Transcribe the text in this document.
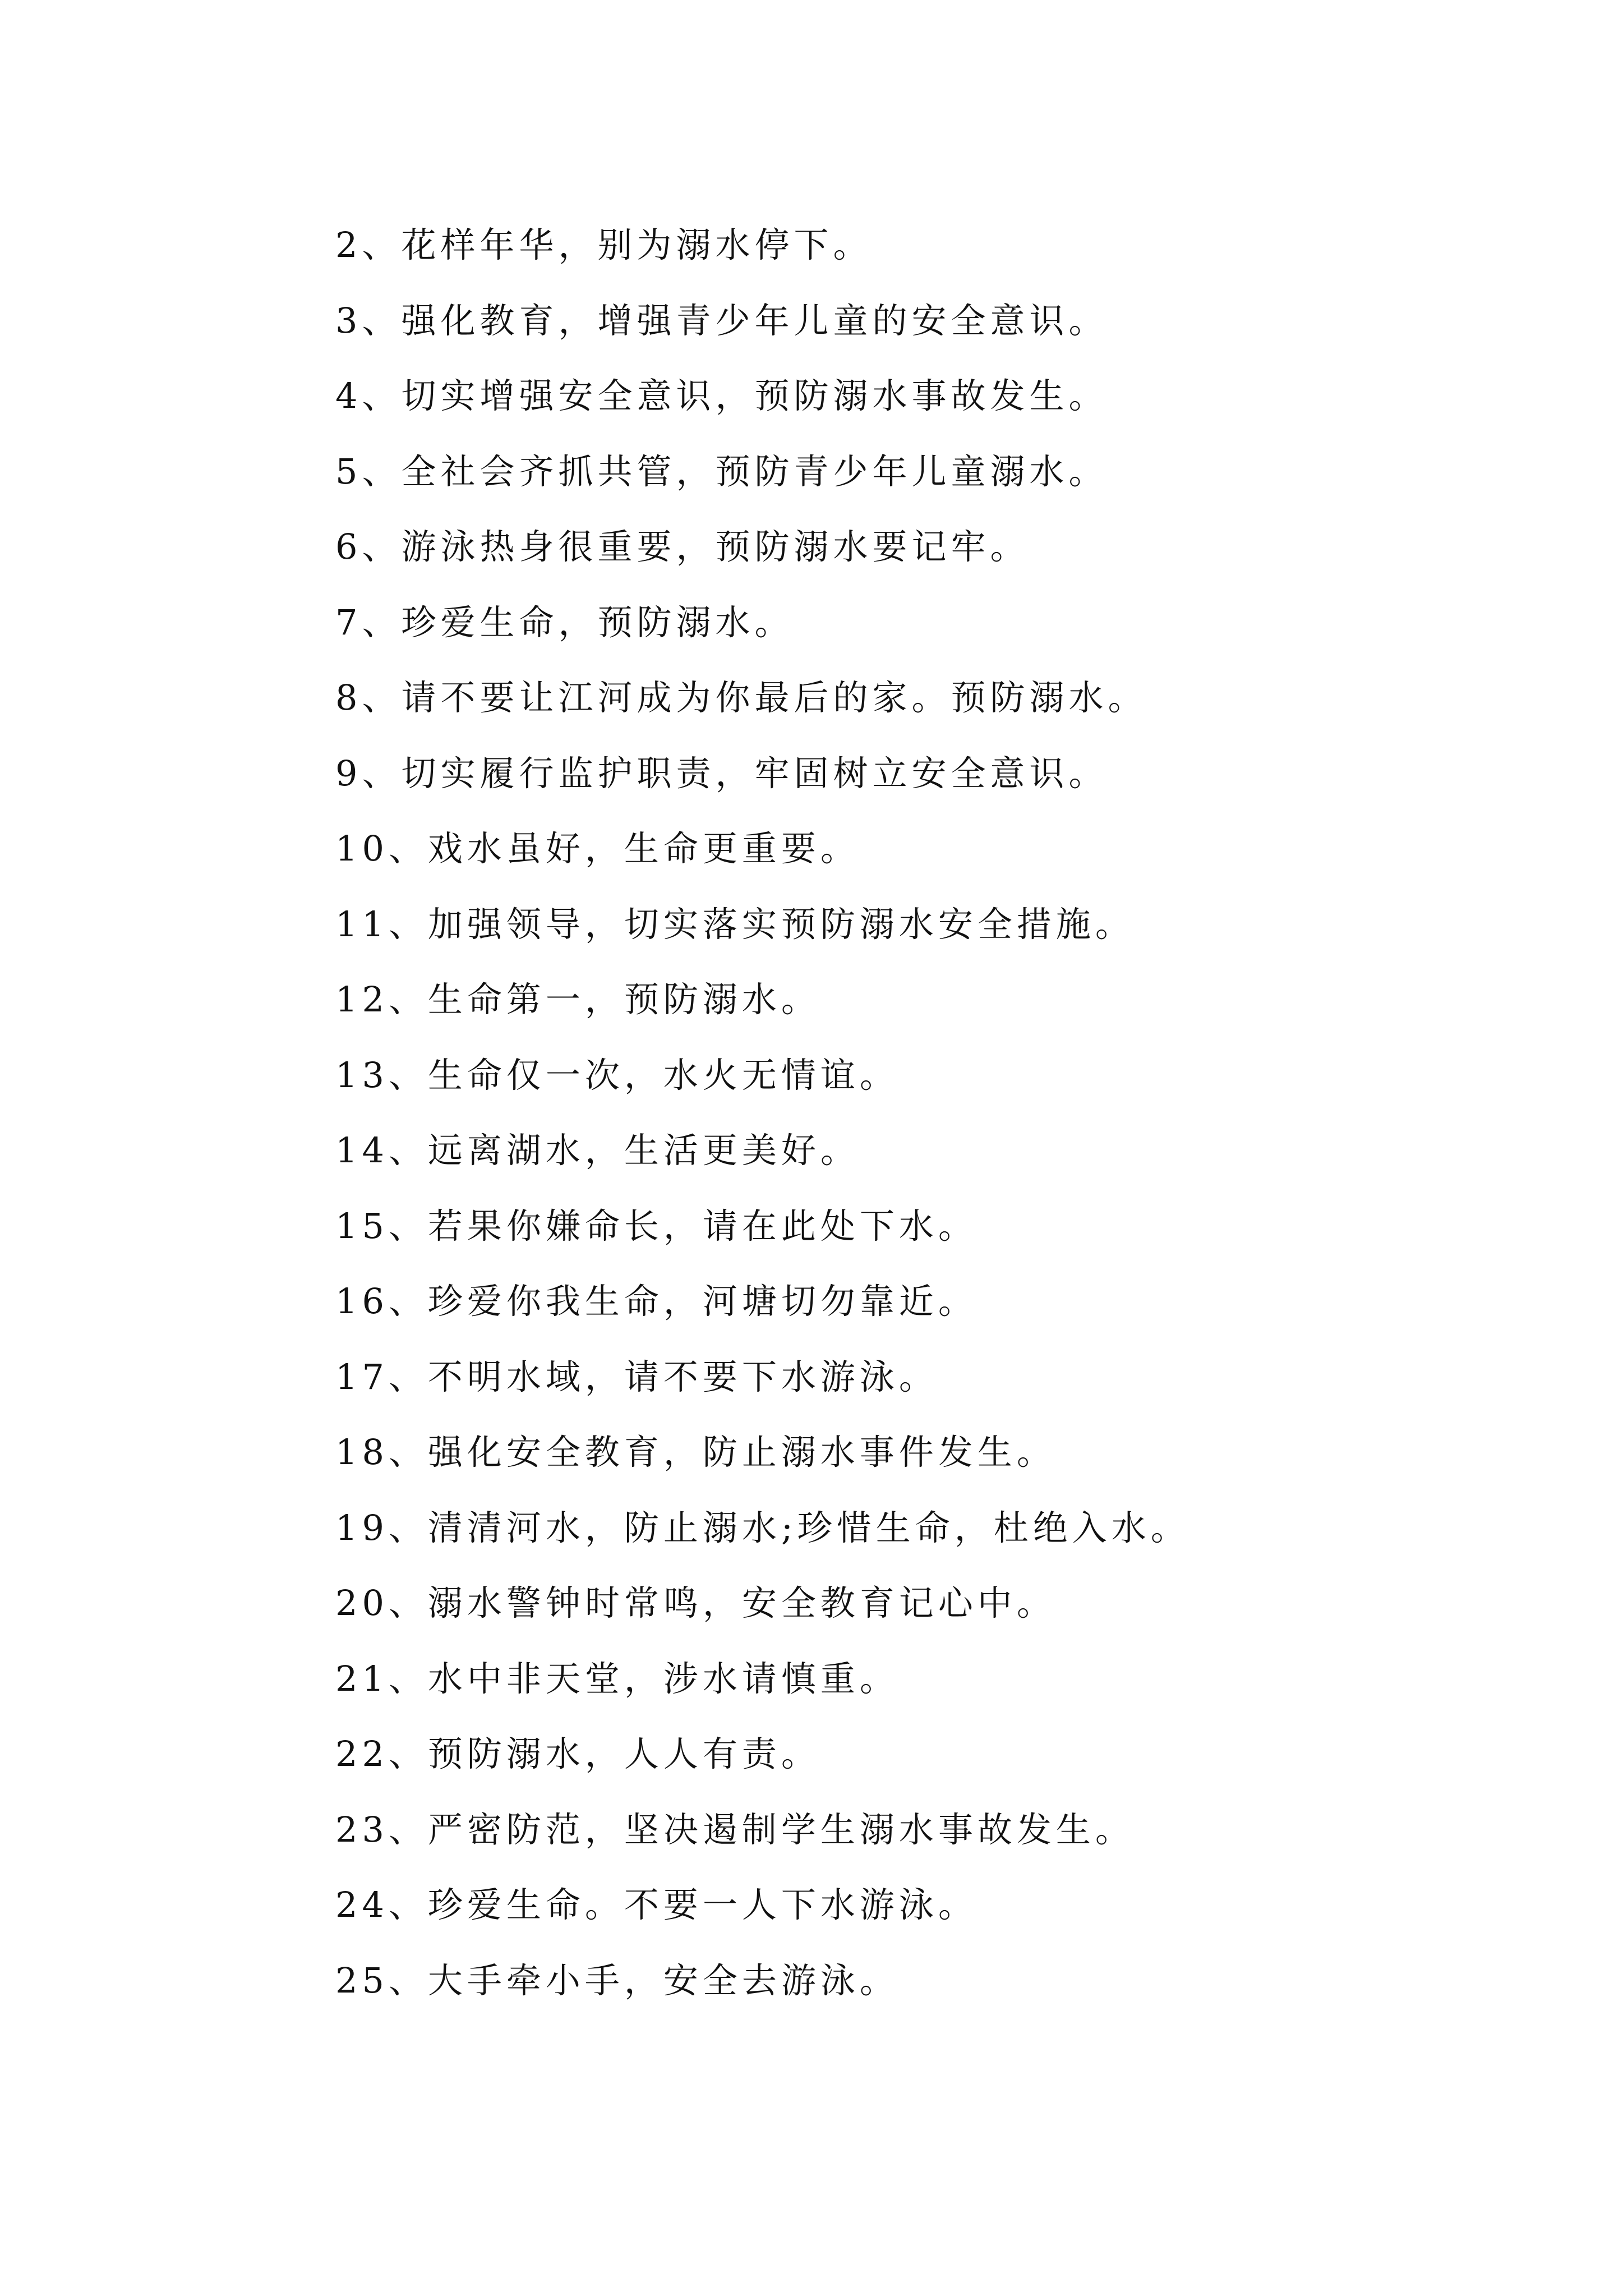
2、花样年华，别为溺水停下。
3、强化教育，增强青少年儿童的安全意识。
4、切实增强安全意识，预防溺水事故发生。
5、全社会齐抓共管，预防青少年儿童溺水。
6、游泳热身很重要，预防溺水要记牢。
7、珍爱生命，预防溺水。
8、请不要让江河成为你最后的家。预防溺水。
9、切实履行监护职责，牢固树立安全意识。
10、戏水虽好，生命更重要。
11、加强领导，切实落实预防溺水安全措施。
12、生命第一，预防溺水。
13、生命仅一次，水火无情谊。
14、远离湖水，生活更美好。
15、若果你嫌命长，请在此处下水。
16、珍爱你我生命，河塘切勿靠近。
17、不明水域，请不要下水游泳。
18、强化安全教育，防止溺水事件发生。
19、清清河水，防止溺水;珍惜生命，杜绝入水。
20、溺水警钟时常鸣，安全教育记心中。
21、水中非天堂，涉水请慎重。
22、预防溺水，人人有责。
23、严密防范，坚决遏制学生溺水事故发生。
24、珍爱生命。不要一人下水游泳。
25、大手牵小手，安全去游泳。
